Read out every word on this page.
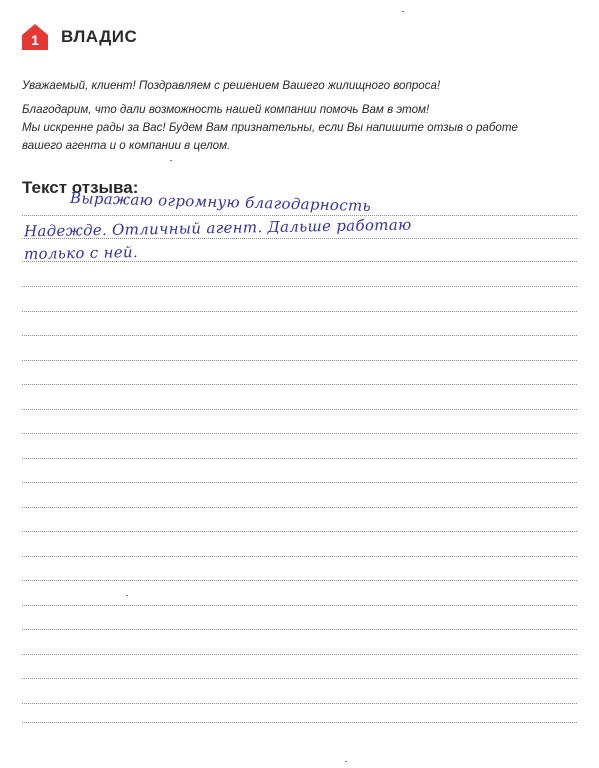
1 ВЛАДИС

Уважаемый, клиент! Поздравляем с решением Вашего жилищного вопроса!

Благодарим, что дали возможность нашей компании помочь Вам в этом!

Мы искренне рады за Вас! Будем Вам признательны, если Вы напишите отзыв о работе

вашего агента и о компании в целом.

Текст отзыва:
Выражаю огромную благодарность
Надежде. Отличный агент. Дальше работаю
только с ней.
